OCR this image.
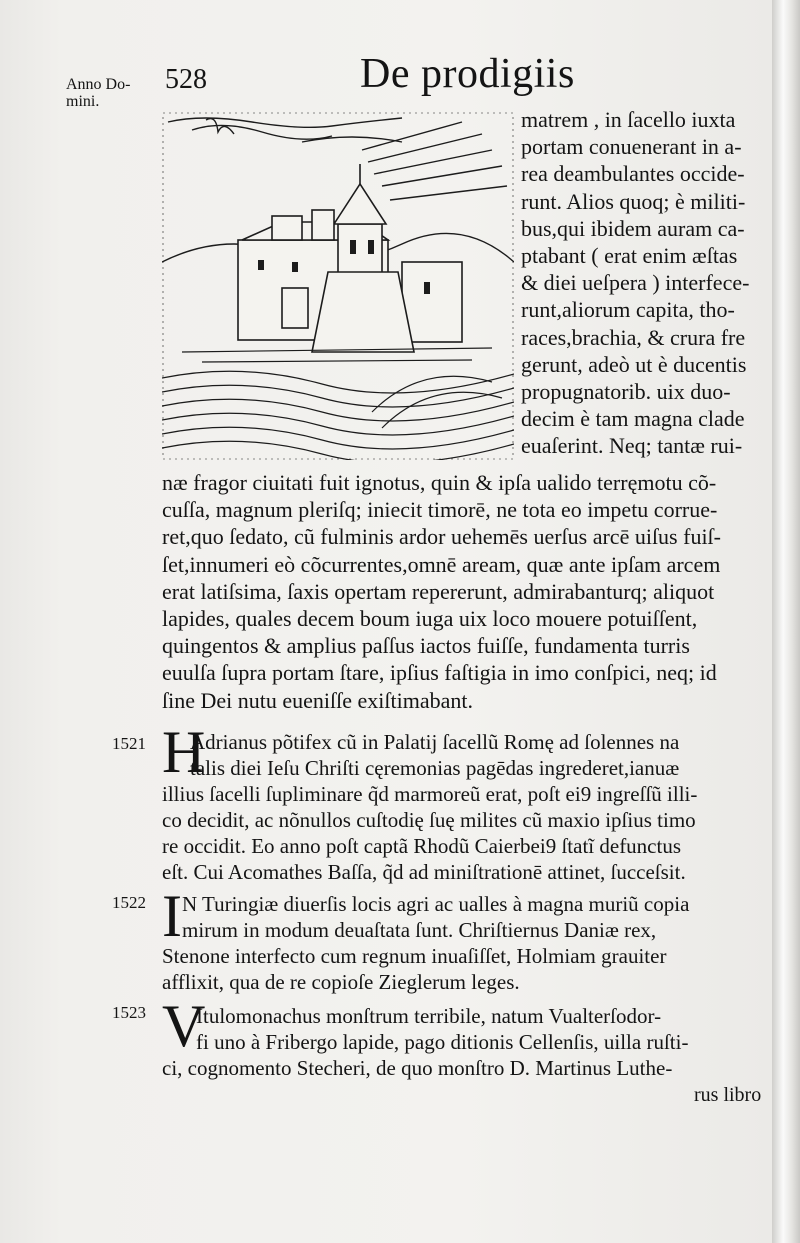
Anno Do-
mini.
528	De prodigiis
matrem , in ſacello iuxta
portam conuenerant in a-
rea deambulantes occide-
runt. Alios quoq; è militi-
bus,qui ibidem auram ca-
ptabant ( erat enim æſtas
& diei ueſpera ) interfece-
runt,aliorum capita, tho-
races,brachia, & crura fre
gerunt, adeò ut è ducentis
propugnatorib. uix duo-
decim è tam magna clade
euaſerint. Neq; tantæ rui-
næ fragor ciuitati fuit ignotus, quin & ipſa ualido terręmotu cõ-
cuſſa, magnum pleriſq; iniecit timorē, ne tota eo impetu corrue-
ret,quo ſedato, cũ fulminis ardor uehemēs uerſus arcē uiſus fuiſ-
ſet,innumeri eò cõcurrentes,omnē aream, quæ ante ipſam arcem
erat latiſsima, ſaxis opertam repererunt, admirabanturq; aliquot
lapides, quales decem boum iuga uix loco mouere potuiſſent,
quingentos & amplius paſſus iactos fuiſſe, fundamenta turris
euulſa ſupra portam ſtare, ipſius faſtigia in imo conſpici, neq; id
ſine Dei nutu eueniſſe exiſtimabant.
1521 H
Adrianus põtifex cũ in Palatij ſacellũ Romę ad ſolennes na
talis diei Ieſu Chriſti cęremonias pagēdas ingrederet,ianuæ
illius ſacelli ſupliminare q̃d marmoreũ erat, poſt ei9 ingreſſũ illi-
co decidit, ac nõnullos cuſtodię ſuę milites cũ maxio ipſius timo
re occidit. Eo anno poſt captã Rhodũ Caierbei9 ſtatĩ defunctus
eſt. Cui Acomathes Baſſa, q̃d ad miniſtrationē attinet, ſucceſsit.
1522 I N Turingiæ diuerſis locis agri ac ualles à magna muriũ copia
mirum in modum deuaſtata ſunt. Chriſtiernus Daniæ rex,
Stenone interfecto cum regnum inuaſiſſet, Holmiam grauiter
afflixit, qua de re copioſe Zieglerum leges.
1523 V
Itulomonachus monſtrum terribile, natum Vualterſodor-
fi uno à Fribergo lapide, pago ditionis Cellenſis, uilla ruſti-
ci, cognomento Stecheri, de quo monſtro D. Martinus Luthe-
rus libro
